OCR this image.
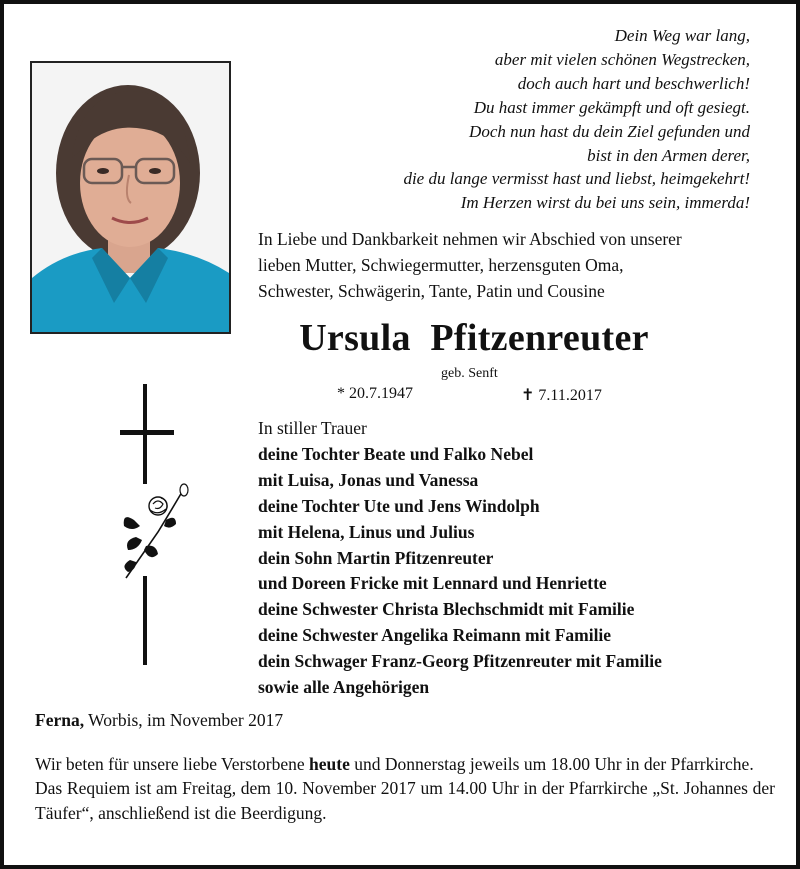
Dein Weg war lang,
aber mit vielen schönen Wegstrecken,
doch auch hart und beschwerlich!
Du hast immer gekämpft und oft gesiegt.
Doch nun hast du dein Ziel gefunden und
bist in den Armen derer,
die du lange vermisst hast und liebst, heimgekehrt!
Im Herzen wirst du bei uns sein, immerda!
In Liebe und Dankbarkeit nehmen wir Abschied von unserer
lieben Mutter, Schwiegermutter, herzensguten Oma,
Schwester, Schwägerin, Tante, Patin und Cousine
Ursula  Pfitzenreuter
geb. Senft
* 20.7.1947	✝ 7.11.2017
In stiller Trauer
deine Tochter Beate und Falko Nebel
mit Luisa, Jonas und Vanessa
deine Tochter Ute und Jens Windolph
mit Helena, Linus und Julius
dein Sohn Martin Pfitzenreuter
und Doreen Fricke mit Lennard und Henriette
deine Schwester Christa Blechschmidt mit Familie
deine Schwester Angelika Reimann mit Familie
dein Schwager Franz-Georg Pfitzenreuter mit Familie
sowie alle Angehörigen
Ferna, Worbis, im November 2017

Wir beten für unsere liebe Verstorbene heute und Donnerstag jeweils um 18.00 Uhr in der Pfarrkirche.

Das Requiem ist am Freitag, dem 10. November 2017 um 14.00 Uhr in der Pfarrkirche „St. Johannes der Täufer“, anschließend ist die Beerdigung.
